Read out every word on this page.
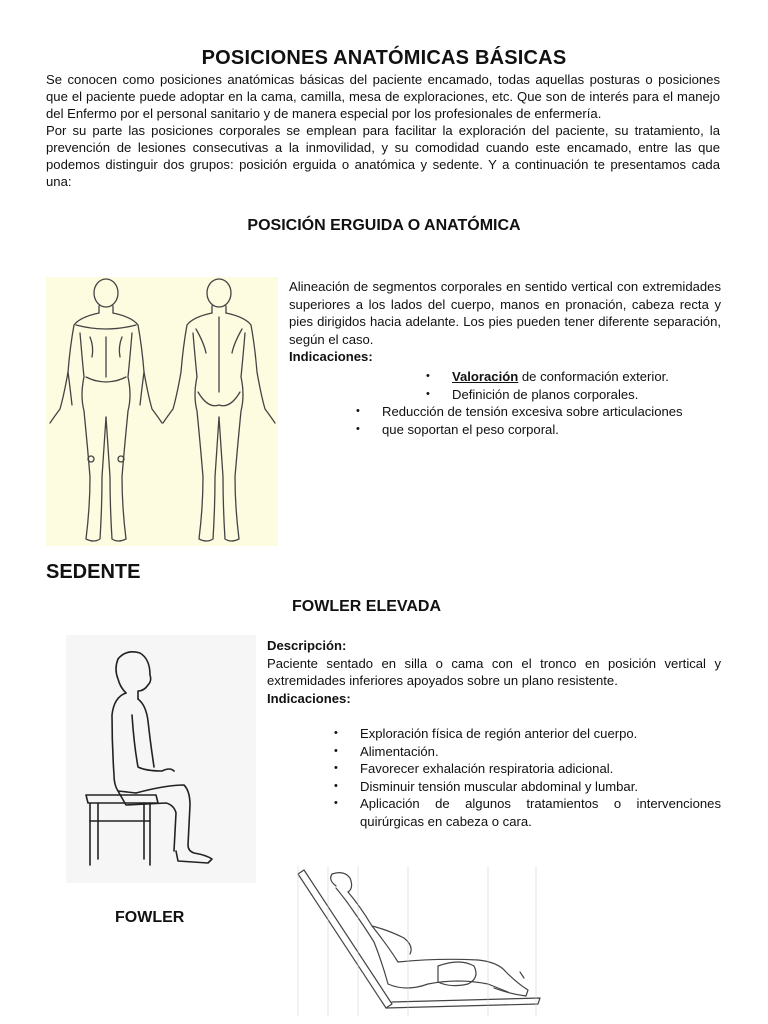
POSICIONES ANATÓMICAS BÁSICAS

Se conocen como posiciones anatómicas básicas del paciente encamado, todas aquellas posturas o posiciones que el paciente puede adoptar en la cama, camilla, mesa de exploraciones, etc. Que son de interés para el manejo del Enfermo por el personal sanitario y de manera especial por los profesionales de enfermería.

Por su parte las posiciones corporales se emplean para facilitar la exploración del paciente, su tratamiento, la prevención de lesiones consecutivas a la inmovilidad, y su comodidad cuando este encamado, entre las que podemos distinguir dos grupos: posición erguida o anatómica y sedente. Y a continuación te presentamos cada una:

POSICIÓN ERGUIDA O ANATÓMICA

Alineación de segmentos corporales en sentido vertical con extremidades superiores a los lados del cuerpo, manos en pronación, cabeza recta y pies dirigidos hacia adelante. Los pies pueden tener diferente separación, según el caso.

Indicaciones:

• Valoración de conformación exterior.
• Definición de planos corporales.
• Reducción de tensión excesiva sobre articulaciones
• que soportan el peso corporal.
SEDENTE
FOWLER ELEVADA

Descripción:

Paciente sentado en silla o cama con el tronco en posición vertical y extremidades inferiores apoyados sobre un plano resistente.

Indicaciones:

• Exploración física de región anterior del cuerpo.
• Alimentación.
• Favorecer exhalación respiratoria adicional.
• Disminuir tensión muscular abdominal y lumbar.
• Aplicación de algunos tratamientos o intervenciones quirúrgicas en cabeza o cara.
FOWLER
